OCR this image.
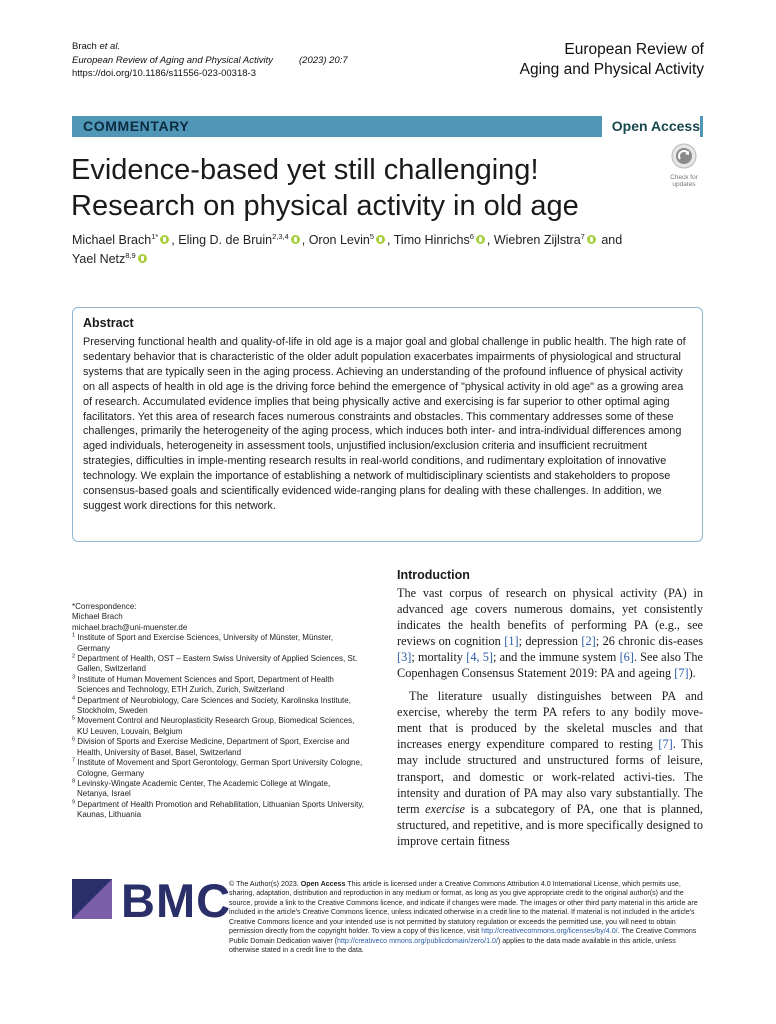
Brach et al.
European Review of Aging and Physical Activity	(2023) 20:7
https://doi.org/10.1186/s11556-023-00318-3
European Review of
Aging and Physical Activity
COMMENTARY	Open Access
Check for
updates
Evidence-based yet still challenging!
Research on physical activity in old age
Michael Brach$^{1*}$ , Eling D. de Bruin$^{2,3,4}$ , Oron Levin$^5$ , Timo Hinrichs$^6$ , Wiebren Zijlstra$^7$ and
Yael Netz$^{8,9}$
Abstract
Preserving functional health and quality-of-life in old age is a major goal and global challenge in public health. The high rate of sedentary behavior that is characteristic of the older adult population exacerbates impairments of physiological and structural systems that are typically seen in the aging process. Achieving an understanding of the profound influence of physical activity on all aspects of health in old age is the driving force behind the emergence of "physical activity in old age" as a growing area of research. Accumulated evidence implies that being physically active and exercising is far superior to other optimal aging facilitators. Yet this area of research faces numerous constraints and obstacles. This commentary addresses some of these challenges, primarily the heterogeneity of the aging process, which induces both inter- and intra-individual differences among aged individuals, heterogeneity in assessment tools, unjustified inclusion/exclusion criteria and insufficient recruitment strategies, difficulties in imple-menting research results in real-world conditions, and rudimentary exploitation of innovative technology. We explain the importance of establishing a network of multidisciplinary scientists and stakeholders to propose consensus-based goals and scientifically evidenced wide-ranging plans for dealing with these challenges. In addition, we suggest work directions for this network.
*Correspondence:
Michael Brach
michael.brach@uni-muenster.de
$^1$ Institute of Sport and Exercise Sciences, University of Münster, Münster, Germany
$^2$ Department of Health, OST – Eastern Swiss University of Applied Sciences, St. Gallen, Switzerland
$^3$ Institute of Human Movement Sciences and Sport, Department of Health Sciences and Technology, ETH Zurich, Zurich, Switzerland
$^4$ Department of Neurobiology, Care Sciences and Society, Karolinska Institute, Stockholm, Sweden
$^5$ Movement Control and Neuroplasticity Research Group, Biomedical Sciences, KU Leuven, Louvain, Belgium
$^6$ Division of Sports and Exercise Medicine, Department of Sport, Exercise and Health, University of Basel, Basel, Switzerland
$^7$ Institute of Movement and Sport Gerontology, German Sport University Cologne, Cologne, Germany
$^8$ Levinsky-Wingate Academic Center, The Academic College at Wingate, Netanya, Israel
$^9$ Department of Health Promotion and Rehabilitation, Lithuanian Sports University, Kaunas, Lithuania
Introduction

The vast corpus of research on physical activity (PA) in advanced age covers numerous domains, yet consistently indicates the health benefits of performing PA (e.g., see reviews on cognition [1]; depression [2]; 26 chronic dis-eases [3]; mortality [4, 5]; and the immune system [6]. See also The Copenhagen Consensus Statement 2019: PA and ageing [7]).

The literature usually distinguishes between PA and exercise, whereby the term PA refers to any bodily move-ment that is produced by the skeletal muscles and that increases energy expenditure compared to resting [7]. This may include structured and unstructured forms of leisure, transport, and domestic or work-related activi-ties. The intensity and duration of PA may also vary substantially. The term exercise is a subcategory of PA, one that is planned, structured, and repetitive, and is more specifically designed to improve certain fitness

BMC
© The Author(s) 2023. Open Access This article is licensed under a Creative Commons Attribution 4.0 International License, which permits use, sharing, adaptation, distribution and reproduction in any medium or format, as long as you give appropriate credit to the original author(s) and the source, provide a link to the Creative Commons licence, and indicate if changes were made. The images or other third party material in this article are included in the article's Creative Commons licence, unless indicated otherwise in a credit line to the material. If material is not included in the article's Creative Commons licence and your intended use is not permitted by statutory regulation or exceeds the permitted use, you will need to obtain permission directly from the copyright holder. To view a copy of this licence, visit http://creativecommons.org/licenses/by/4.0/. The Creative Commons Public Domain Dedication waiver (http://creativeco mmons.org/publicdomain/zero/1.0/) applies to the data made available in this article, unless otherwise stated in a credit line to the data.
